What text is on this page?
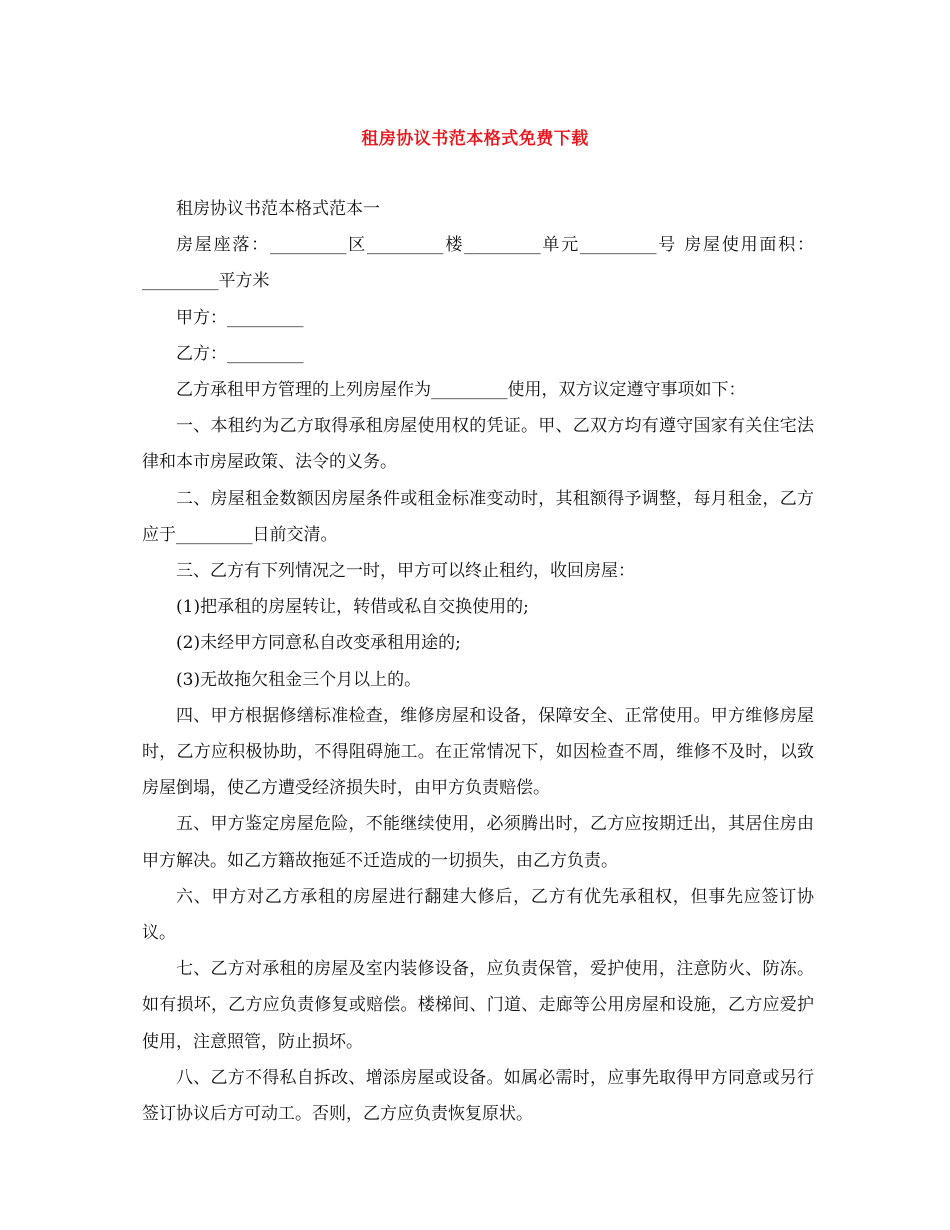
租房协议书范本格式免费下载

租房协议书范本格式范本一

房屋座落：_________区_________楼_________单元_________号 房屋使用面积：_________平方米

甲方：_________

乙方：_________

乙方承租甲方管理的上列房屋作为_________使用，双方议定遵守事项如下：

一、本租约为乙方取得承租房屋使用权的凭证。甲、乙双方均有遵守国家有关住宅法律和本市房屋政策、法令的义务。

二、房屋租金数额因房屋条件或租金标准变动时，其租额得予调整，每月租金，乙方应于_________日前交清。

三、乙方有下列情况之一时，甲方可以终止租约，收回房屋：

(1)把承租的房屋转让，转借或私自交换使用的;

(2)未经甲方同意私自改变承租用途的;

(3)无故拖欠租金三个月以上的。

四、甲方根据修缮标准检查，维修房屋和设备，保障安全、正常使用。甲方维修房屋时，乙方应积极协助，不得阻碍施工。在正常情况下，如因检查不周，维修不及时，以致房屋倒塌，使乙方遭受经济损失时，由甲方负责赔偿。

五、甲方鉴定房屋危险，不能继续使用，必须腾出时，乙方应按期迁出，其居住房由甲方解决。如乙方籍故拖延不迁造成的一切损失，由乙方负责。

六、甲方对乙方承租的房屋进行翻建大修后，乙方有优先承租权，但事先应签订协议。

七、乙方对承租的房屋及室内装修设备，应负责保管，爱护使用，注意防火、防冻。如有损坏，乙方应负责修复或赔偿。楼梯间、门道、走廊等公用房屋和设施，乙方应爱护使用，注意照管，防止损坏。

八、乙方不得私自拆改、增添房屋或设备。如属必需时，应事先取得甲方同意或另行签订协议后方可动工。否则，乙方应负责恢复原状。
